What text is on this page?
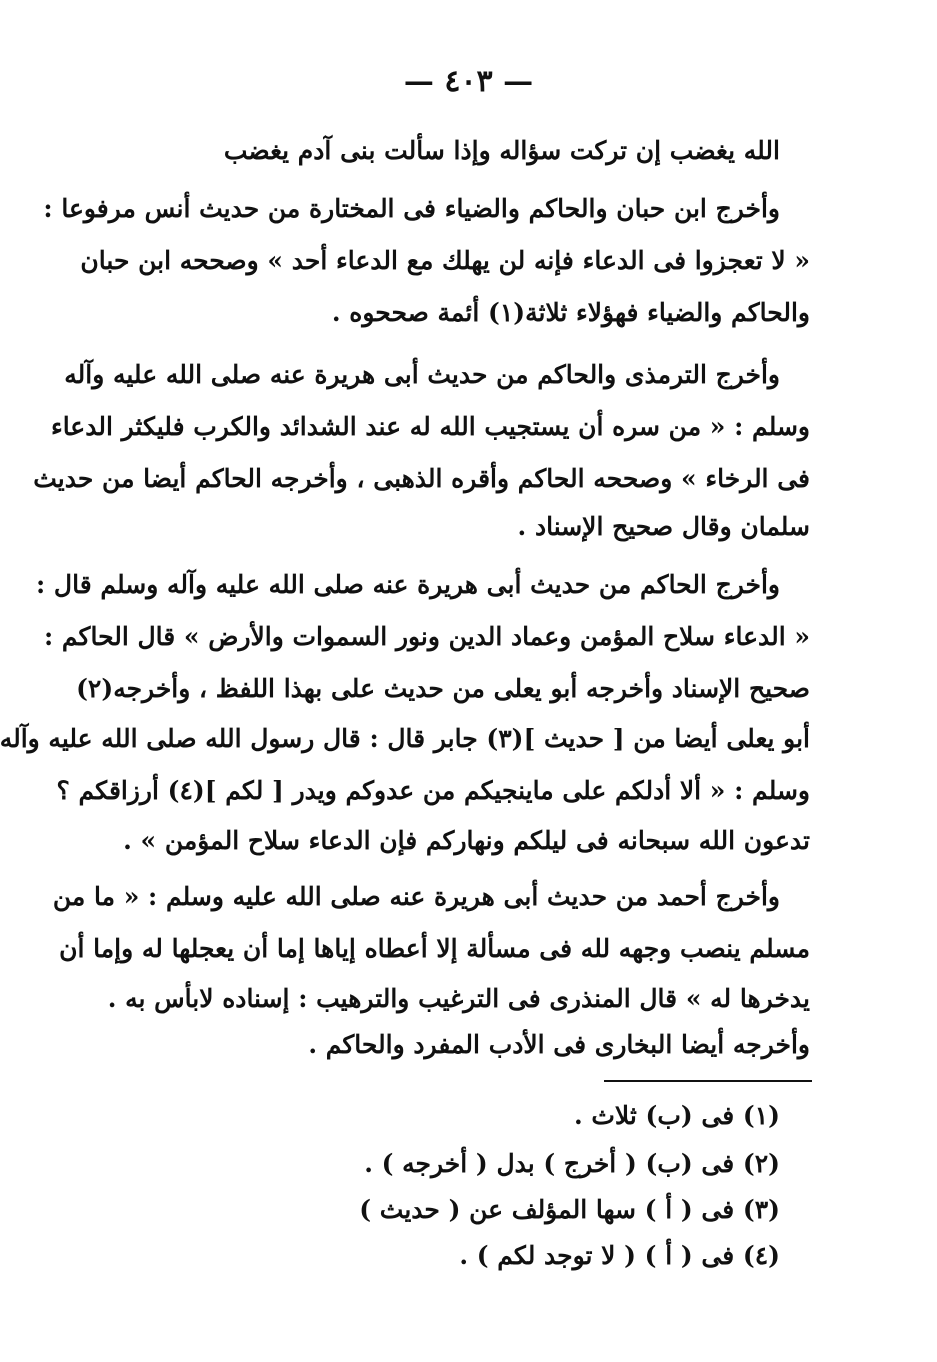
— ٤٠٣ —
الله يغضب إن تركت سؤاله وإذا سألت بنى آدم يغضب
وأخرج ابن حبان والحاكم والضياء فى المختارة من حديث أنس مرفوعا :
« لا تعجزوا فى الدعاء فإنه لن يهلك مع الدعاء أحد » وصححه ابن حبان
والحاكم والضياء فهؤلاء ثلاثة(١) أئمة صححوه .
وأخرج الترمذى والحاكم من حديث أبى هريرة عنه صلى الله عليه وآله
وسلم : « من سره أن يستجيب الله له عند الشدائد والكرب فليكثر الدعاء
فى الرخاء » وصححه الحاكم وأقره الذهبى ، وأخرجه الحاكم أيضا من حديث
سلمان وقال صحيح الإسناد .
وأخرج الحاكم من حديث أبى هريرة عنه صلى الله عليه وآله وسلم قال :
« الدعاء سلاح المؤمن وعماد الدين ونور السموات والأرض » قال الحاكم :
صحيح الإسناد وأخرجه أبو يعلى من حديث على بهذا اللفظ ، وأخرجه(٢)
أبو يعلى أيضا من [ حديث ](٣) جابر قال : قال رسول الله صلى الله عليه وآله
وسلم : « ألا أدلكم على ماينجيكم من عدوكم ويدر [ لكم ](٤) أرزاقكم ؟
تدعون الله سبحانه فى ليلكم ونهاركم فإن الدعاء سلاح المؤمن » .
وأخرج أحمد من حديث أبى هريرة عنه صلى الله عليه وسلم : « ما من
مسلم ينصب وجهه لله فى مسألة إلا أعطاه إياها إما أن يعجلها له وإما أن
يدخرها له » قال المنذرى فى الترغيب والترهيب : إسناده لابأس به .
وأخرجه أيضا البخارى فى الأدب المفرد والحاكم .
(١) فى (ب) ثلاث .
(٢) فى (ب) ( أخرج ) بدل ( أخرجه ) .
(٣) فى ( أ ) سها المؤلف عن ( حديث )
(٤) فى ( أ ) ( لا توجد لكم ) .
